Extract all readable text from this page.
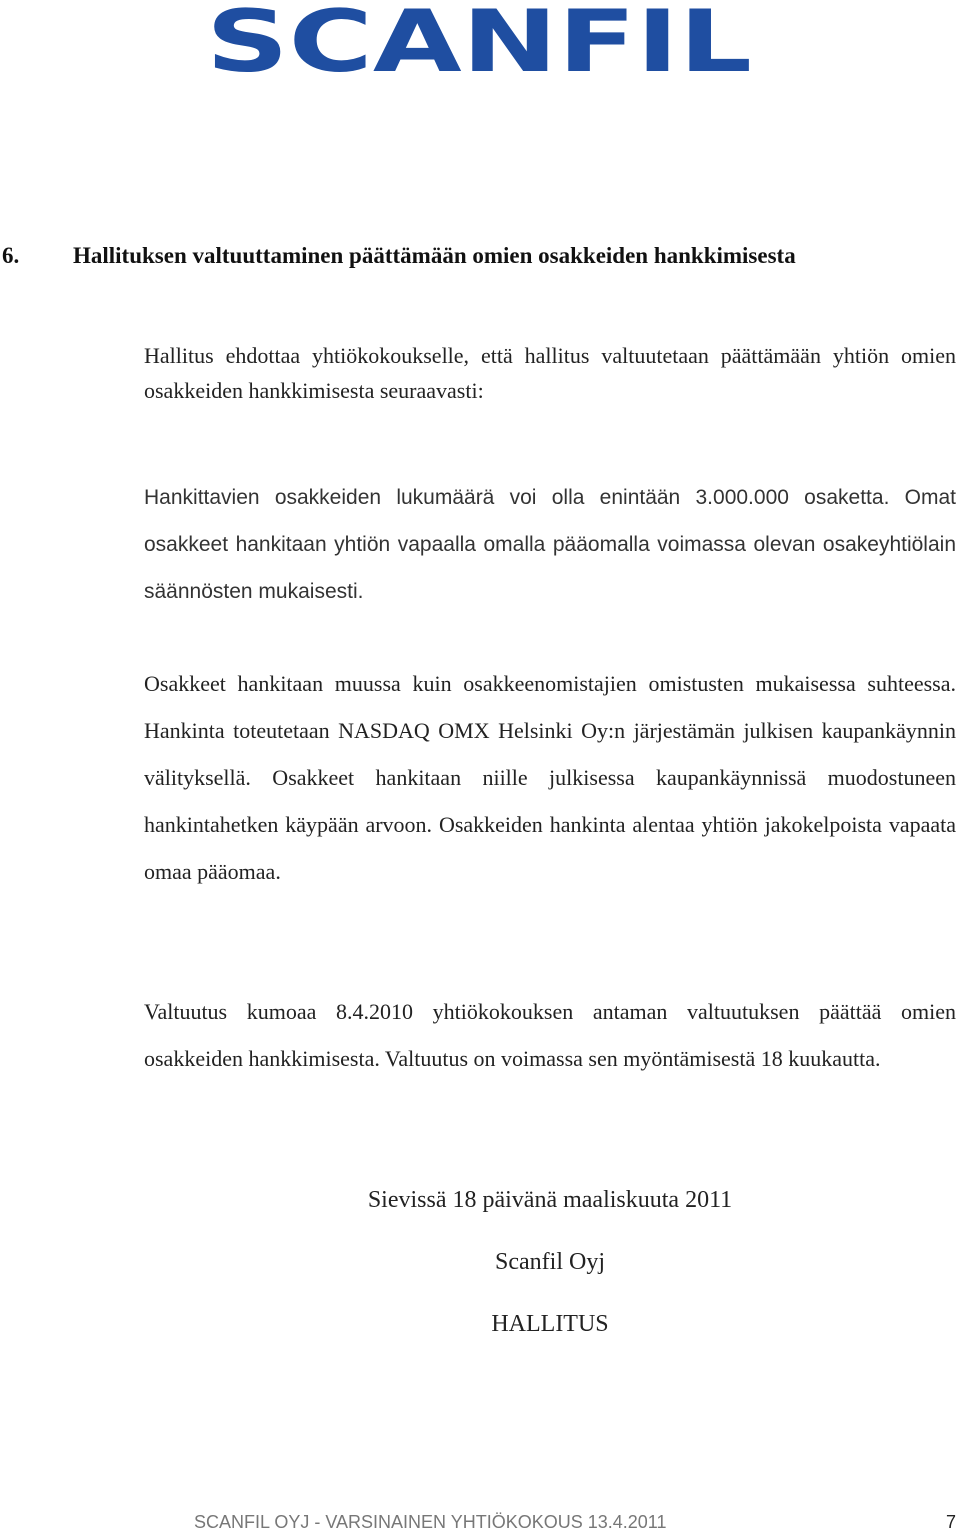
SCANFIL
6. Hallituksen valtuuttaminen päättämään omien osakkeiden hankkimisesta
Hallitus ehdottaa yhtiökokoukselle, että hallitus valtuutetaan päättämään yhtiön omien osakkeiden hankkimisesta seuraavasti:
Hankittavien osakkeiden lukumäärä voi olla enintään 3.000.000 osaketta. Omat osakkeet hankitaan yhtiön vapaalla omalla pääomalla voimassa olevan osakeyhtiölain säännösten mukaisesti.
Osakkeet hankitaan muussa kuin osakkeenomistajien omistusten mukaisessa suhteessa. Hankinta toteutetaan NASDAQ OMX Helsinki Oy:n järjestämän julkisen kaupankäynnin välityksellä. Osakkeet hankitaan niille julkisessa kaupankäynnissä muodostuneen hankintahetken käypään arvoon. Osakkeiden hankinta alentaa yhtiön jakokelpoista vapaata omaa pääomaa.
Valtuutus kumoaa 8.4.2010 yhtiökokouksen antaman valtuutuksen päättää omien osakkeiden hankkimisesta. Valtuutus on voimassa sen myöntämisestä 18 kuukautta.
Sievissä 18 päivänä maaliskuuta 2011
Scanfil Oyj
HALLITUS
SCANFIL OYJ - VARSINAINEN YHTIÖKOKOUS 13.4.2011	7
